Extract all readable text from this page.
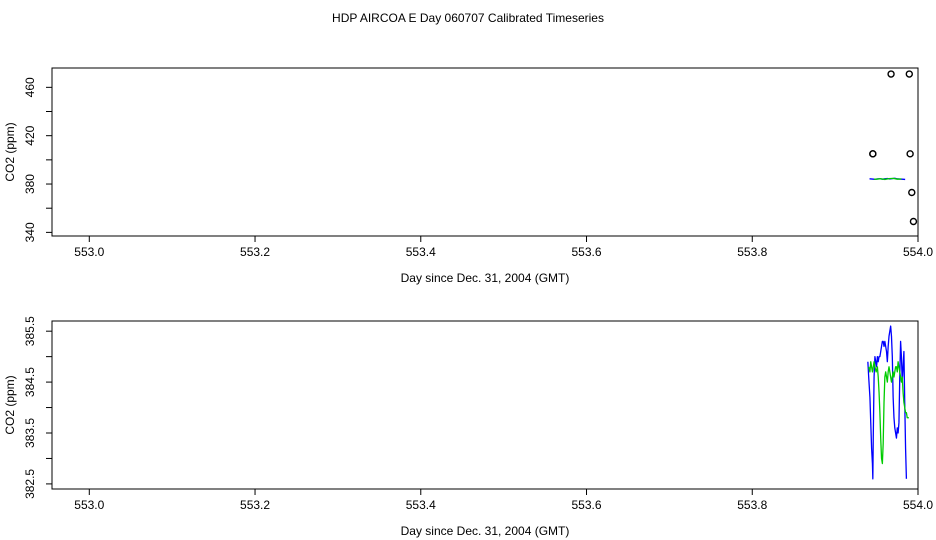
HDP AIRCOA E Day 060707 Calibrated Timeseries
553.0	553.2	553.4	553.6	553.8	554.0
340
380
420
460
Day since Dec. 31, 2004 (GMT)
CO2 (ppm)
553.0	553.2	553.4	553.6	553.8	554.0
382.5
383.5
384.5
385.5
Day since Dec. 31, 2004 (GMT)
CO2 (ppm)
